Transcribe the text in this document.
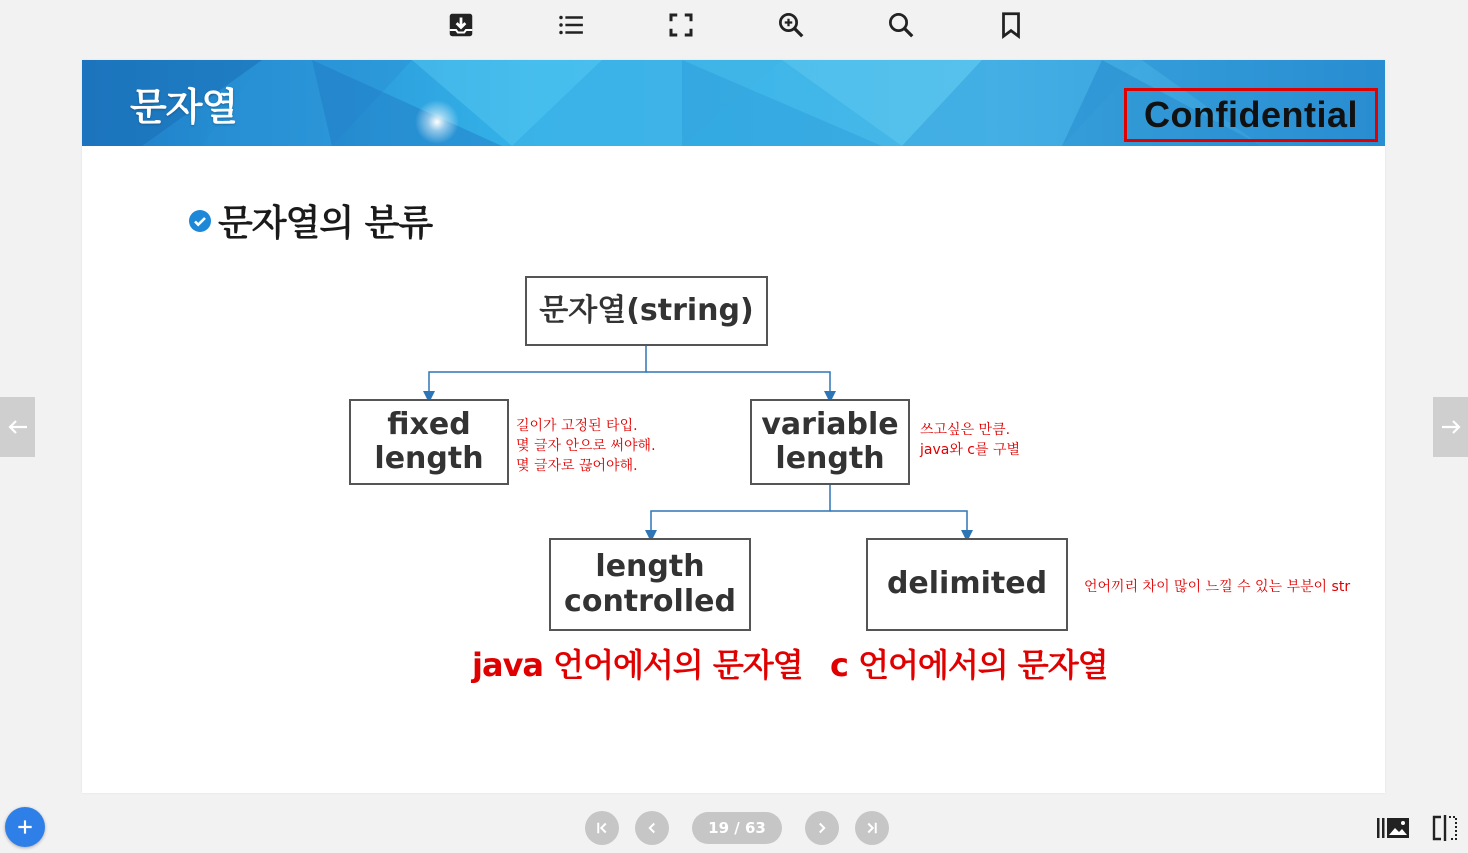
문자열	Confidential
문자열의 분류
문자열(string)
fixed
length
variable
length
length
controlled	delimited
길이가 고정된 타입.
몇 글자 안으로 써야해.
몇 글자로 끊어야해.
쓰고싶은 만큼.
java와 c를 구별
언어끼리 차이 많이 느낄 수 있는 부분이 str
java 언어에서의 문자열 c 언어에서의 문자열
19 / 63
